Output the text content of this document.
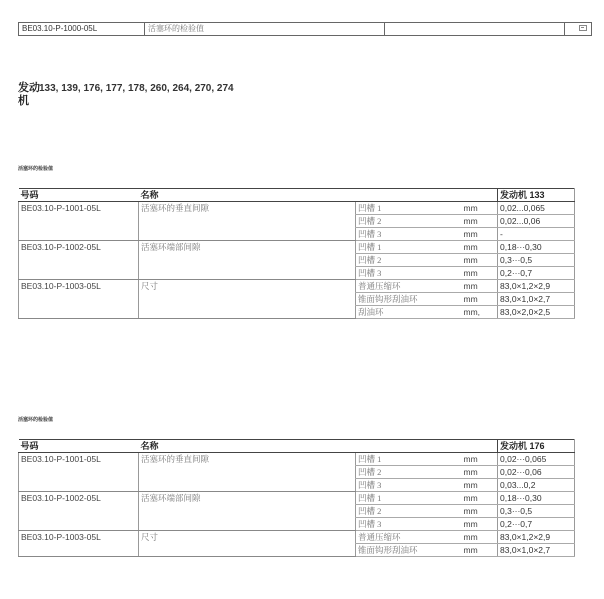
BE03.10-P-1000-05L	活塞环的检验值
发动机
133, 139, 176, 177, 178, 260, 264, 270, 274
活塞环的检验值
号码	名称				发动机 133
BE03.10-P-1001-05L	活塞环的垂直间隙	凹槽 1	mm		0,02...0,065
		凹槽 2	mm		0,02...0,06
		凹槽 3	mm		-
BE03.10-P-1002-05L	活塞环端部间隙	凹槽 1	mm		0,18···0,30
		凹槽 2	mm		0,3···0,5
		凹槽 3	mm		0,2···0,7
BE03.10-P-1003-05L	尺寸	普通压缩环	mm		83,0×1,2×2,9
		锥面钩形刮油环	mm		83,0×1,0×2,7
		刮油环	mm,		83,0×2,0×2,5
活塞环的检验值
号码	名称				发动机 176
BE03.10-P-1001-05L	活塞环的垂直间隙	凹槽 1	mm		0,02···0,065
		凹槽 2	mm		0,02···0,06
		凹槽 3	mm		0,03...0,2
BE03.10-P-1002-05L	活塞环端部间隙	凹槽 1	mm		0,18···0,30
		凹槽 2	mm		0,3···0,5
		凹槽 3	mm		0,2···0,7
BE03.10-P-1003-05L	尺寸	普通压缩环	mm		83,0×1,2×2,9
		锥面钩形刮油环	mm		83,0×1,0×2,7
